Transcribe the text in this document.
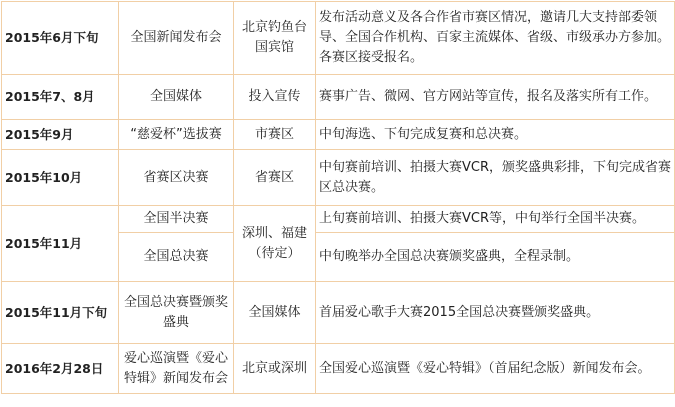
2015年6月下旬	全国新闻发布会	北京钓鱼台国宾馆	发布活动意义及各合作省市赛区情况，邀请几大支持部委领导、全国合作机构、百家主流媒体、省级、市级承办方参加。各赛区接受报名。
2015年7、8月	全国媒体	投入宣传	赛事广告、微网、官方网站等宣传，报名及落实所有工作。
2015年9月	“慈爱杯”选拔赛	市赛区	中旬海选、下旬完成复赛和总决赛。
2015年10月	省赛区决赛	省赛区	中旬赛前培训、拍摄大赛VCR，颁奖盛典彩排，下旬完成省赛区总决赛。
2015年11月	全国半决赛	深圳、福建（待定）	上旬赛前培训、拍摄大赛VCR等，中旬举行全国半决赛。
	全国总决赛		中旬晚举办全国总决赛颁奖盛典，全程录制。
2015年11月下旬	全国总决赛暨颁奖盛典	全国媒体	首届爱心歌手大赛2015全国总决赛暨颁奖盛典。
2016年2月28日	爱心巡演暨《爱心特辑》新闻发布会	北京或深圳	全国爱心巡演暨《爱心特辑》（首届纪念版）新闻发布会。
